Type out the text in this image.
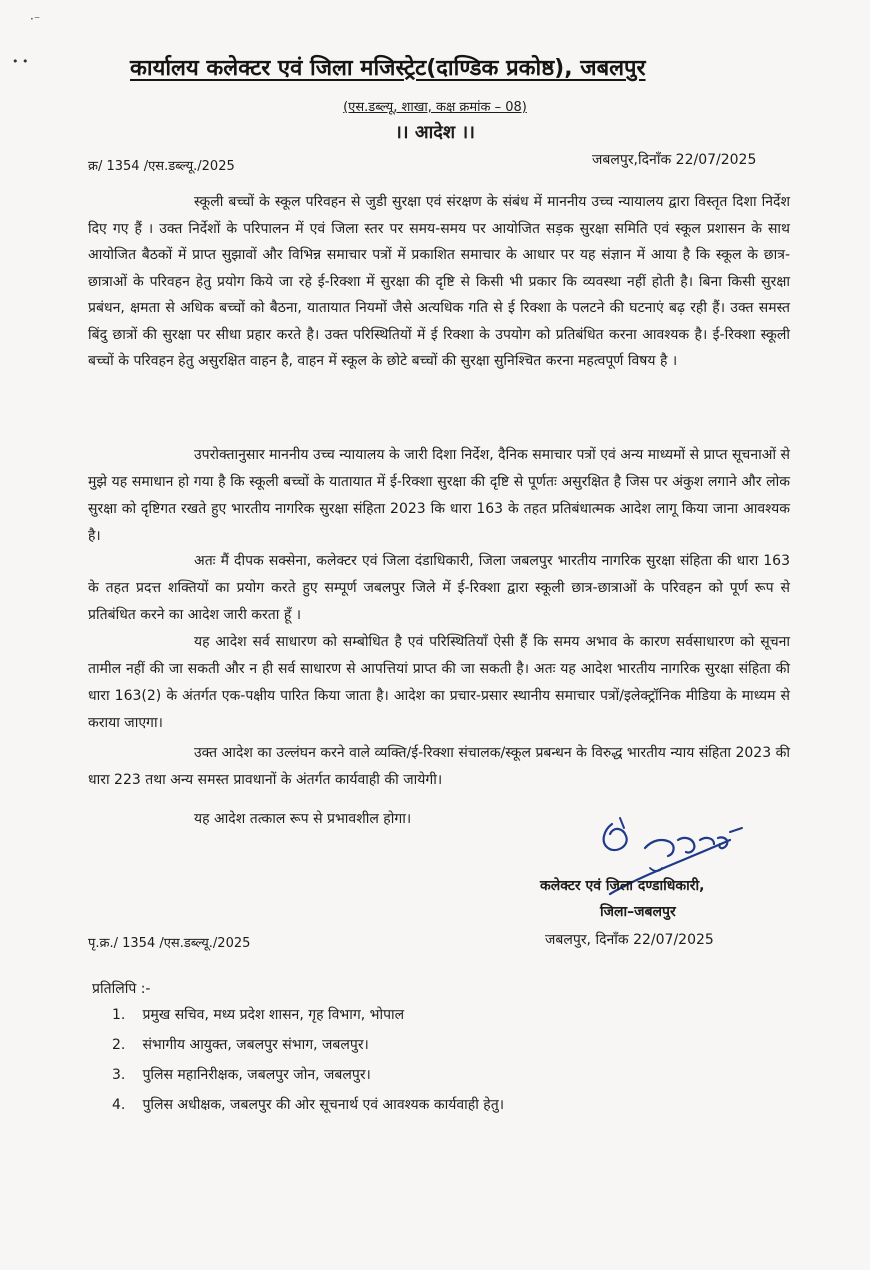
·⁻
• •	कार्यालय कलेक्टर एवं जिला मजिस्ट्रेट(दाण्डिक प्रकोष्ठ), जबलपुर
(एस.डब्ल्यू, शाखा, कक्ष क्रमांक – 08)
।। आदेश ।।
क्र/ 1354 /एस.डब्ल्यू./2025	जबलपुर,दिनाँक 22/07/2025

स्कूली बच्चों के स्कूल परिवहन से जुडी सुरक्षा एवं संरक्षण के संबंध में माननीय उच्च न्यायालय द्वारा विस्तृत दिशा निर्देश दिए गए हैं । उक्त निर्देशों के परिपालन में एवं जिला स्तर पर समय-समय पर आयोजित सड़क सुरक्षा समिति एवं स्कूल प्रशासन के साथ आयोजित बैठकों में प्राप्त सुझावों और विभिन्न समाचार पत्रों में प्रकाशित समाचार के आधार पर यह संज्ञान में आया है कि स्कूल के छात्र-छात्राओं के परिवहन हेतु प्रयोग किये जा रहे ई-रिक्शा में सुरक्षा की दृष्टि से किसी भी प्रकार कि व्यवस्था नहीं होती है। बिना किसी सुरक्षा प्रबंधन, क्षमता से अधिक बच्चों को बैठना, यातायात नियमों जैसे अत्यधिक गति से ई रिक्शा के पलटने की घटनाएं बढ़ रही हैं। उक्त समस्त बिंदु छात्रों की सुरक्षा पर सीधा प्रहार करते है। उक्त परिस्थितियों में ई रिक्शा के उपयोग को प्रतिबंधित करना आवश्यक है। ई-रिक्शा स्कूली बच्चों के परिवहन हेतु असुरक्षित वाहन है, वाहन में स्कूल के छोटे बच्चों की सुरक्षा सुनिश्चित करना महत्वपूर्ण विषय है ।

उपरोक्तानुसार माननीय उच्च न्यायालय के जारी दिशा निर्देश, दैनिक समाचार पत्रों एवं अन्य माध्यमों से प्राप्त सूचनाओं से मुझे यह समाधान हो गया है कि स्कूली बच्चों के यातायात में ई-रिक्शा सुरक्षा की दृष्टि से पूर्णतः असुरक्षित है जिस पर अंकुश लगाने और लोक सुरक्षा को दृष्टिगत रखते हुए भारतीय नागरिक सुरक्षा संहिता 2023 कि धारा 163 के तहत प्रतिबंधात्मक आदेश लागू किया जाना आवश्यक है।

अतः मैं दीपक सक्सेना, कलेक्टर एवं जिला दंडाधिकारी, जिला जबलपुर भारतीय नागरिक सुरक्षा संहिता की धारा 163 के तहत प्रदत्त शक्तियों का प्रयोग करते हुए सम्पूर्ण जबलपुर जिले में ई-रिक्शा द्वारा स्कूली छात्र-छात्राओं के परिवहन को पूर्ण रूप से प्रतिबंधित करने का आदेश जारी करता हूँ ।

यह आदेश सर्व साधारण को सम्बोधित है एवं परिस्थितियाँ ऐसी हैं कि समय अभाव के कारण सर्वसाधारण को सूचना तामील नहीं की जा सकती और न ही सर्व साधारण से आपत्तियां प्राप्त की जा सकती है। अतः यह आदेश भारतीय नागरिक सुरक्षा संहिता की धारा 163(2) के अंतर्गत एक-पक्षीय पारित किया जाता है। आदेश का प्रचार-प्रसार स्थानीय समाचार पत्रों/इलेक्ट्रॉनिक मीडिया के माध्यम से कराया जाएगा।

उक्त आदेश का उल्लंघन करने वाले व्यक्ति/ई-रिक्शा संचालक/स्कूल प्रबन्धन के विरुद्ध भारतीय न्याय संहिता 2023 की धारा 223 तथा अन्य समस्त प्रावधानों के अंतर्गत कार्यवाही की जायेगी।

यह आदेश तत्काल रूप से प्रभावशील होगा।

कलेक्टर एवं जिला दण्डाधिकारी,
जिला–जबलपुर
पृ.क्र./ 1354 /एस.डब्ल्यू./2025	जबलपुर, दिनाँक 22/07/2025
प्रतिलिपि :-
1. प्रमुख सचिव, मध्य प्रदेश शासन, गृह विभाग, भोपाल
2. संभागीय आयुक्त, जबलपुर संभाग, जबलपुर।
3. पुलिस महानिरीक्षक, जबलपुर जोन, जबलपुर।
4. पुलिस अधीक्षक, जबलपुर की ओर सूचनार्थ एवं आवश्यक कार्यवाही हेतु।
